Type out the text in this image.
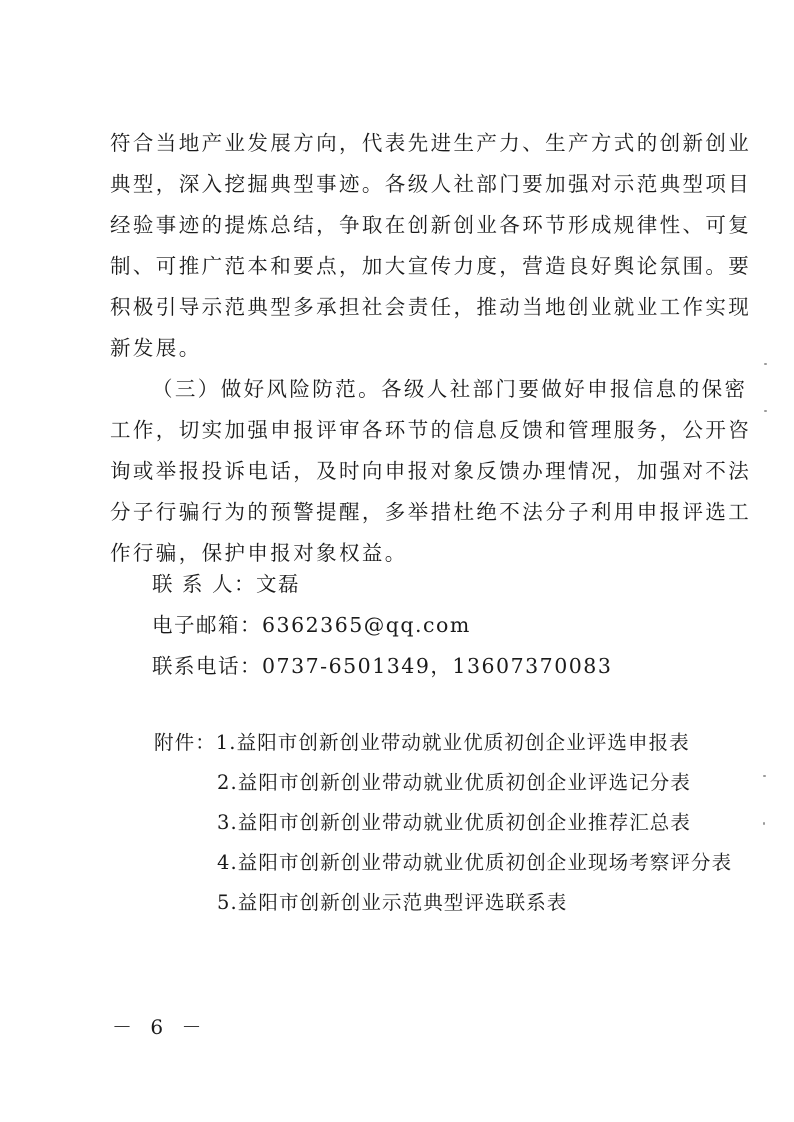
符合当地产业发展方向，代表先进生产力、生产方式的创新创业
典型，深入挖掘典型事迹。各级人社部门要加强对示范典型项目
经验事迹的提炼总结，争取在创新创业各环节形成规律性、可复
制、可推广范本和要点，加大宣传力度，营造良好舆论氛围。要
积极引导示范典型多承担社会责任，推动当地创业就业工作实现
新发展。
（三）做好风险防范。各级人社部门要做好申报信息的保密
工作，切实加强申报评审各环节的信息反馈和管理服务，公开咨
询或举报投诉电话，及时向申报对象反馈办理情况，加强对不法
分子行骗行为的预警提醒，多举措杜绝不法分子利用申报评选工
作行骗，保护申报对象权益。
联 系 人：文磊
电子邮箱：6362365@qq.com
联系电话：0737-6501349，13607370083
附件：1.益阳市创新创业带动就业优质初创企业评选申报表
2.益阳市创新创业带动就业优质初创企业评选记分表
3.益阳市创新创业带动就业优质初创企业推荐汇总表
4.益阳市创新创业带动就业优质初创企业现场考察评分表
5.益阳市创新创业示范典型评选联系表
－ 6 －
